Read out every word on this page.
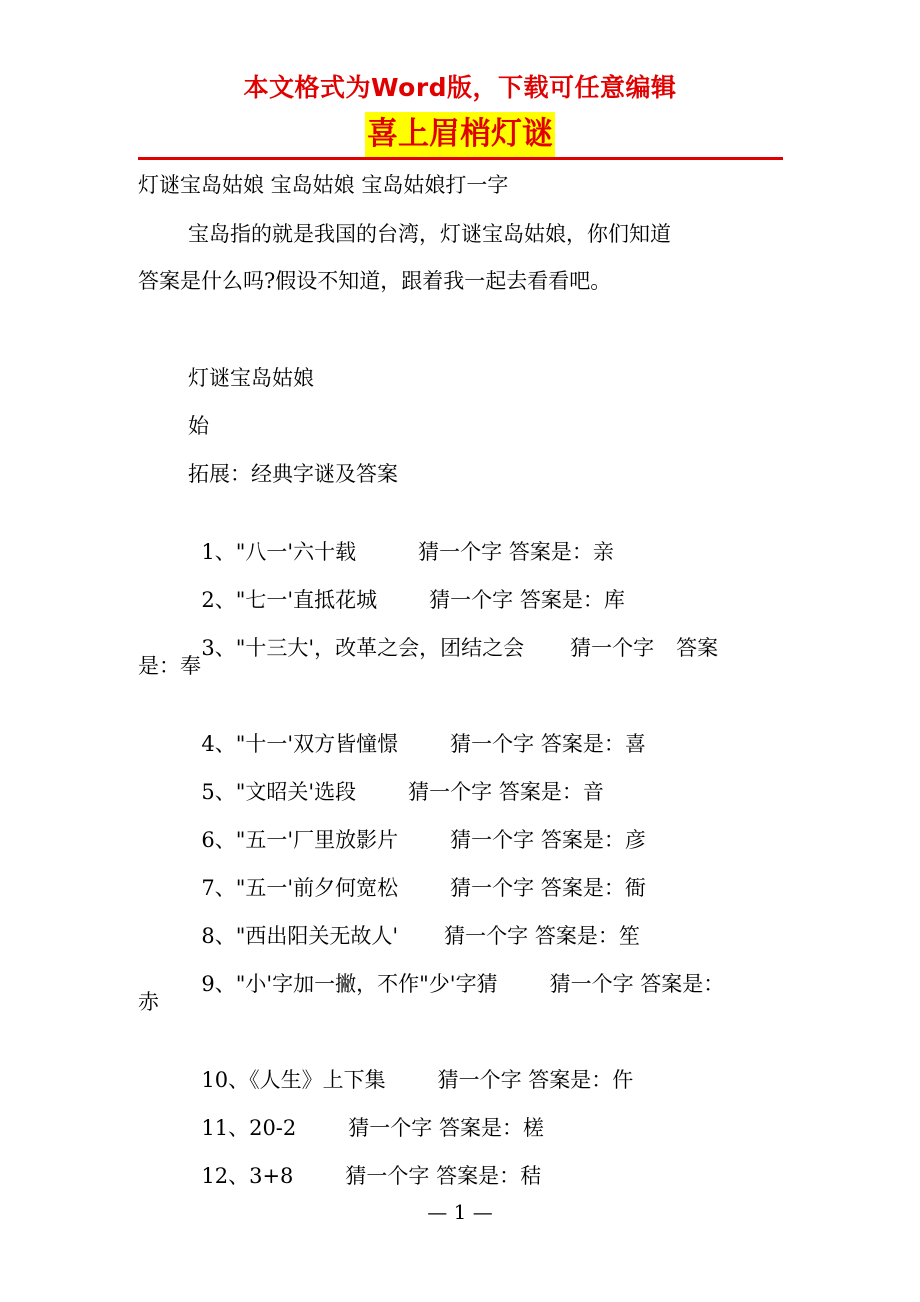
本文格式为Word版，下载可任意编辑
喜上眉梢灯谜
灯谜宝岛姑娘 宝岛姑娘 宝岛姑娘打一字
宝岛指的就是我国的台湾，灯谜宝岛姑娘，你们知道
答案是什么吗?假设不知道，跟着我一起去看看吧。
灯谜宝岛姑娘
始
拓展：经典字谜及答案

1、"八一'六十载	猜一个字 答案是：亲

2、"七一'直抵花城 猜一个字 答案是：库

3、"十三大'，改革之会，团结之会 猜一个字 答案

是：奉

4、"十一'双方皆憧憬 猜一个字 答案是：喜

5、"文昭关'选段 猜一个字 答案是：音

6、"五一'厂里放影片 猜一个字 答案是：彦

7、"五一'前夕何宽松 猜一个字 答案是：衙

8、"西出阳关无故人' 猜一个字 答案是：笙

9、"小'字加一撇，不作"少'字猜 猜一个字 答案是：

赤

10、《人生》上下集 猜一个字 答案是：仵

11、20-2 猜一个字 答案是：槎

12、3+8 猜一个字 答案是：秸

— 1 —
